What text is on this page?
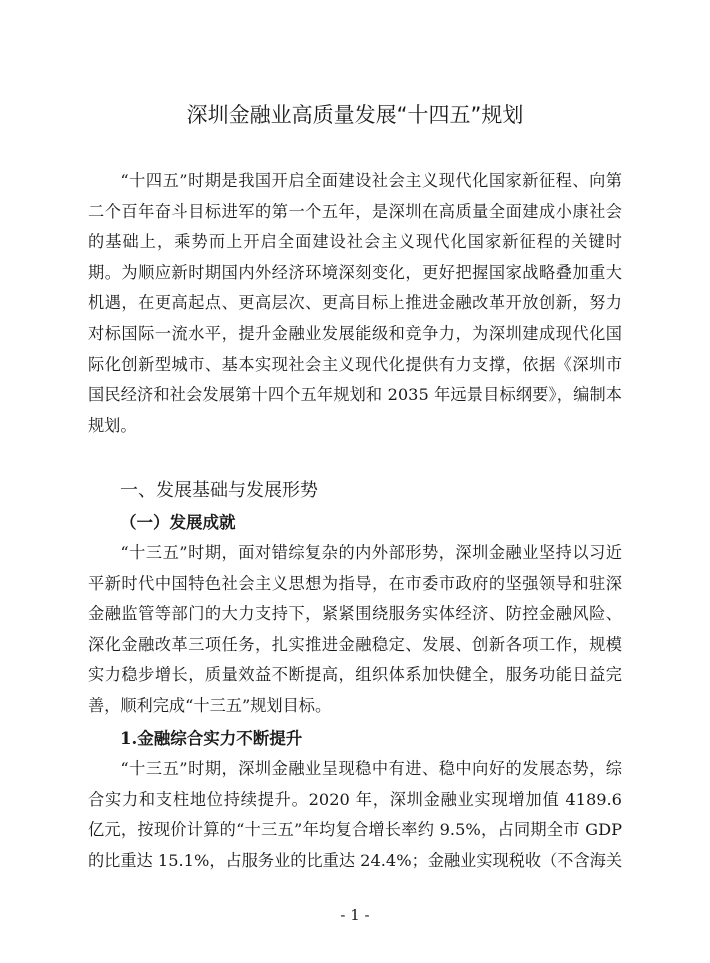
深圳金融业高质量发展“十四五”规划

“十四五”时期是我国开启全面建设社会主义现代化国家新征程、向第二个百年奋斗目标进军的第一个五年，是深圳在高质量全面建成小康社会的基础上，乘势而上开启全面建设社会主义现代化国家新征程的关键时期。为顺应新时期国内外经济环境深刻变化，更好把握国家战略叠加重大机遇，在更高起点、更高层次、更高目标上推进金融改革开放创新，努力对标国际一流水平，提升金融业发展能级和竞争力，为深圳建成现代化国际化创新型城市、基本实现社会主义现代化提供有力支撑，依据《深圳市国民经济和社会发展第十四个五年规划和 2035 年远景目标纲要》，编制本规划。

一、发展基础与发展形势
（一）发展成就

“十三五”时期，面对错综复杂的内外部形势，深圳金融业坚持以习近平新时代中国特色社会主义思想为指导，在市委市政府的坚强领导和驻深金融监管等部门的大力支持下，紧紧围绕服务实体经济、防控金融风险、深化金融改革三项任务，扎实推进金融稳定、发展、创新各项工作，规模实力稳步增长，质量效益不断提高，组织体系加快健全，服务功能日益完善，顺利完成“十三五”规划目标。

1.金融综合实力不断提升

“十三五”时期，深圳金融业呈现稳中有进、稳中向好的发展态势，综合实力和支柱地位持续提升。2020 年，深圳金融业实现增加值 4189.6 亿元，按现价计算的“十三五”年均复合增长率约 9.5%，占同期全市 GDP 的比重达 15.1%，占服务业的比重达 24.4%；金融业实现税收（不含海关

- 1 -
